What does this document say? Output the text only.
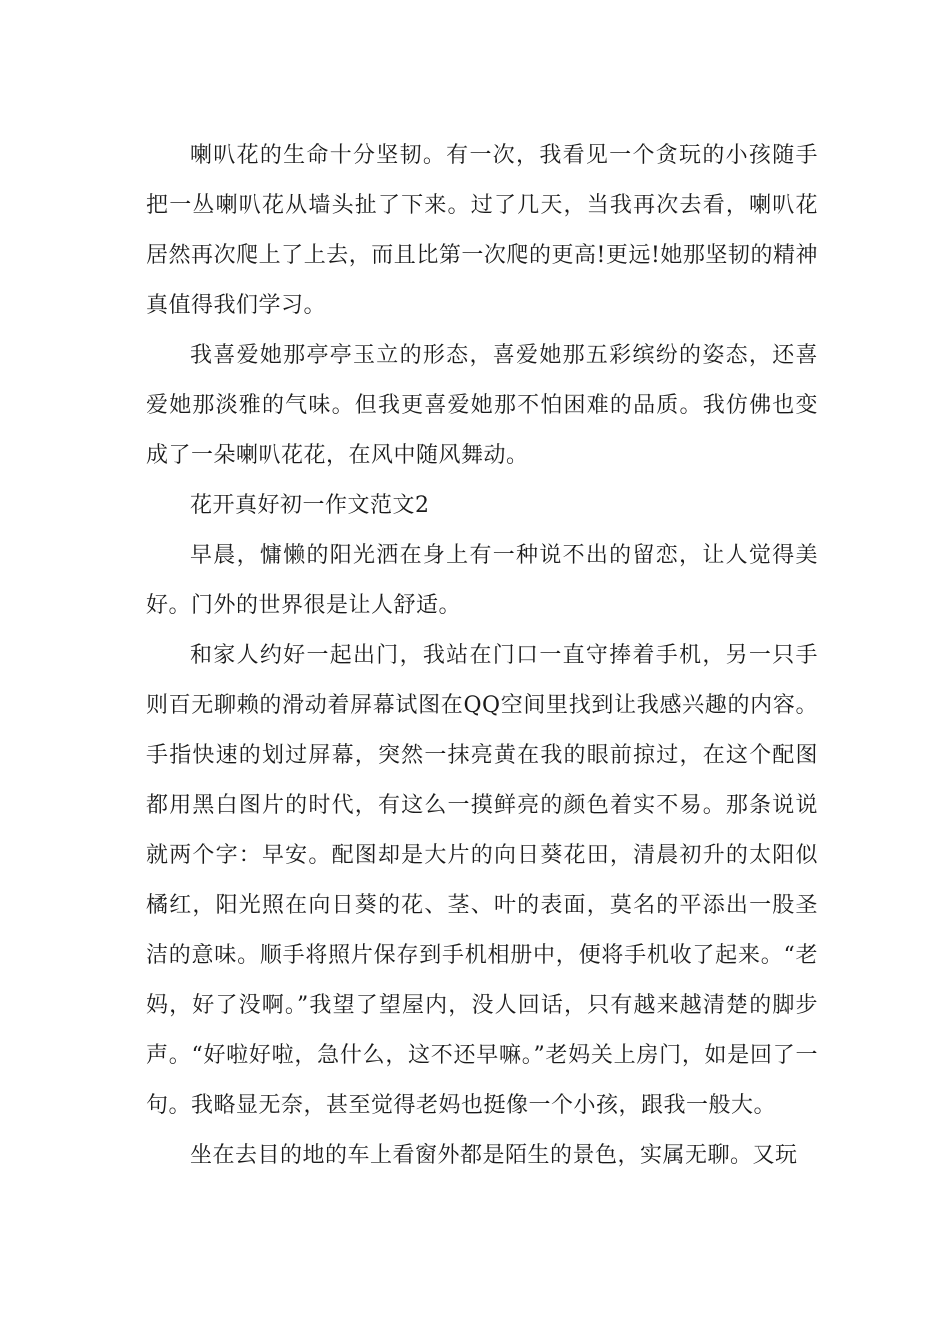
喇叭花的生命十分坚韧。有一次，我看见一个贪玩的小孩随手把一丛喇叭花从墙头扯了下来。过了几天，当我再次去看，喇叭花居然再次爬上了上去，而且比第一次爬的更高!更远!她那坚韧的精神真值得我们学习。

我喜爱她那亭亭玉立的形态，喜爱她那五彩缤纷的姿态，还喜爱她那淡雅的气味。但我更喜爱她那不怕困难的品质。我仿佛也变成了一朵喇叭花花，在风中随风舞动。

花开真好初一作文范文2

早晨，慵懒的阳光洒在身上有一种说不出的留恋，让人觉得美好。门外的世界很是让人舒适。

和家人约好一起出门，我站在门口一直守捧着手机，另一只手则百无聊赖的滑动着屏幕试图在QQ空间里找到让我感兴趣的内容。手指快速的划过屏幕，突然一抹亮黄在我的眼前掠过，在这个配图都用黑白图片的时代，有这么一摸鲜亮的颜色着实不易。那条说说就两个字：早安。配图却是大片的向日葵花田，清晨初升的太阳似橘红，阳光照在向日葵的花、茎、叶的表面，莫名的平添出一股圣洁的意味。顺手将照片保存到手机相册中，便将手机收了起来。“老妈，好了没啊。”我望了望屋内，没人回话，只有越来越清楚的脚步声。“好啦好啦，急什么，这不还早嘛。”老妈关上房门，如是回了一句。我略显无奈，甚至觉得老妈也挺像一个小孩，跟我一般大。

坐在去目的地的车上看窗外都是陌生的景色，实属无聊。又玩
